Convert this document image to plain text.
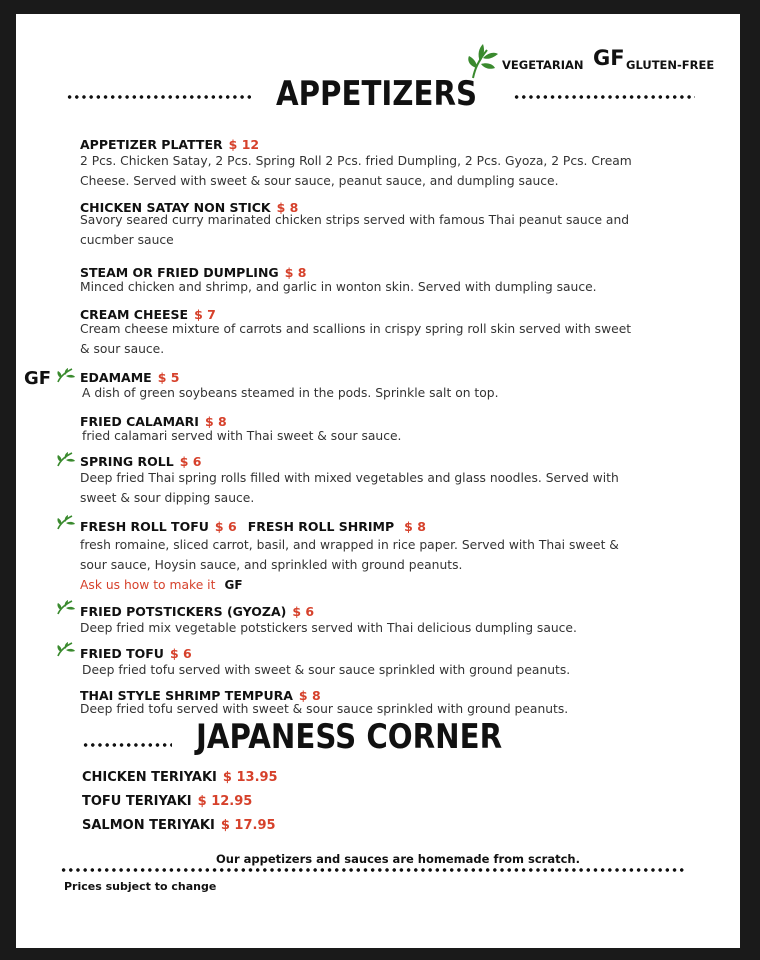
VEGETARIAN GF GLUTEN-FREE
APPETIZERS
APPETIZER PLATTER $ 12
2 Pcs. Chicken Satay, 2 Pcs. Spring Roll 2 Pcs. fried Dumpling, 2 Pcs. Gyoza, 2 Pcs. Cream Cheese. Served with sweet & sour sauce, peanut sauce, and dumpling sauce.
CHICKEN SATAY NON STICK $ 8
Savory seared curry marinated chicken strips served with famous Thai peanut sauce and cucmber sauce
STEAM OR FRIED DUMPLING $ 8
Minced chicken and shrimp, and garlic in wonton skin. Served with dumpling sauce.
CREAM CHEESE $ 7
Cream cheese mixture of carrots and scallions in crispy spring roll skin served with sweet & sour sauce.
GF EDAMAME $ 5
A dish of green soybeans steamed in the pods. Sprinkle salt on top.
FRIED CALAMARI $ 8
fried calamari served with Thai sweet & sour sauce.
SPRING ROLL $ 6
Deep fried Thai spring rolls filled with mixed vegetables and glass noodles. Served with sweet & sour dipping sauce.
FRESH ROLL TOFU $ 6 FRESH ROLL SHRIMP $ 8
fresh romaine, sliced carrot, basil, and wrapped in rice paper. Served with Thai sweet & sour sauce, Hoysin sauce, and sprinkled with ground peanuts.
Ask us how to make it GF
FRIED POTSTICKERS (GYOZA) $ 6
Deep fried mix vegetable potstickers served with Thai delicious dumpling sauce.
FRIED TOFU $ 6
Deep fried tofu served with sweet & sour sauce sprinkled with ground peanuts.
THAI STYLE SHRIMP TEMPURA $ 8
Deep fried tofu served with sweet & sour sauce sprinkled with ground peanuts.
JAPANESS CORNER
CHICKEN TERIYAKI $ 13.95
TOFU TERIYAKI $ 12.95
SALMON TERIYAKI $ 17.95
Our appetizers and sauces are homemade from scratch.
Prices subject to change
